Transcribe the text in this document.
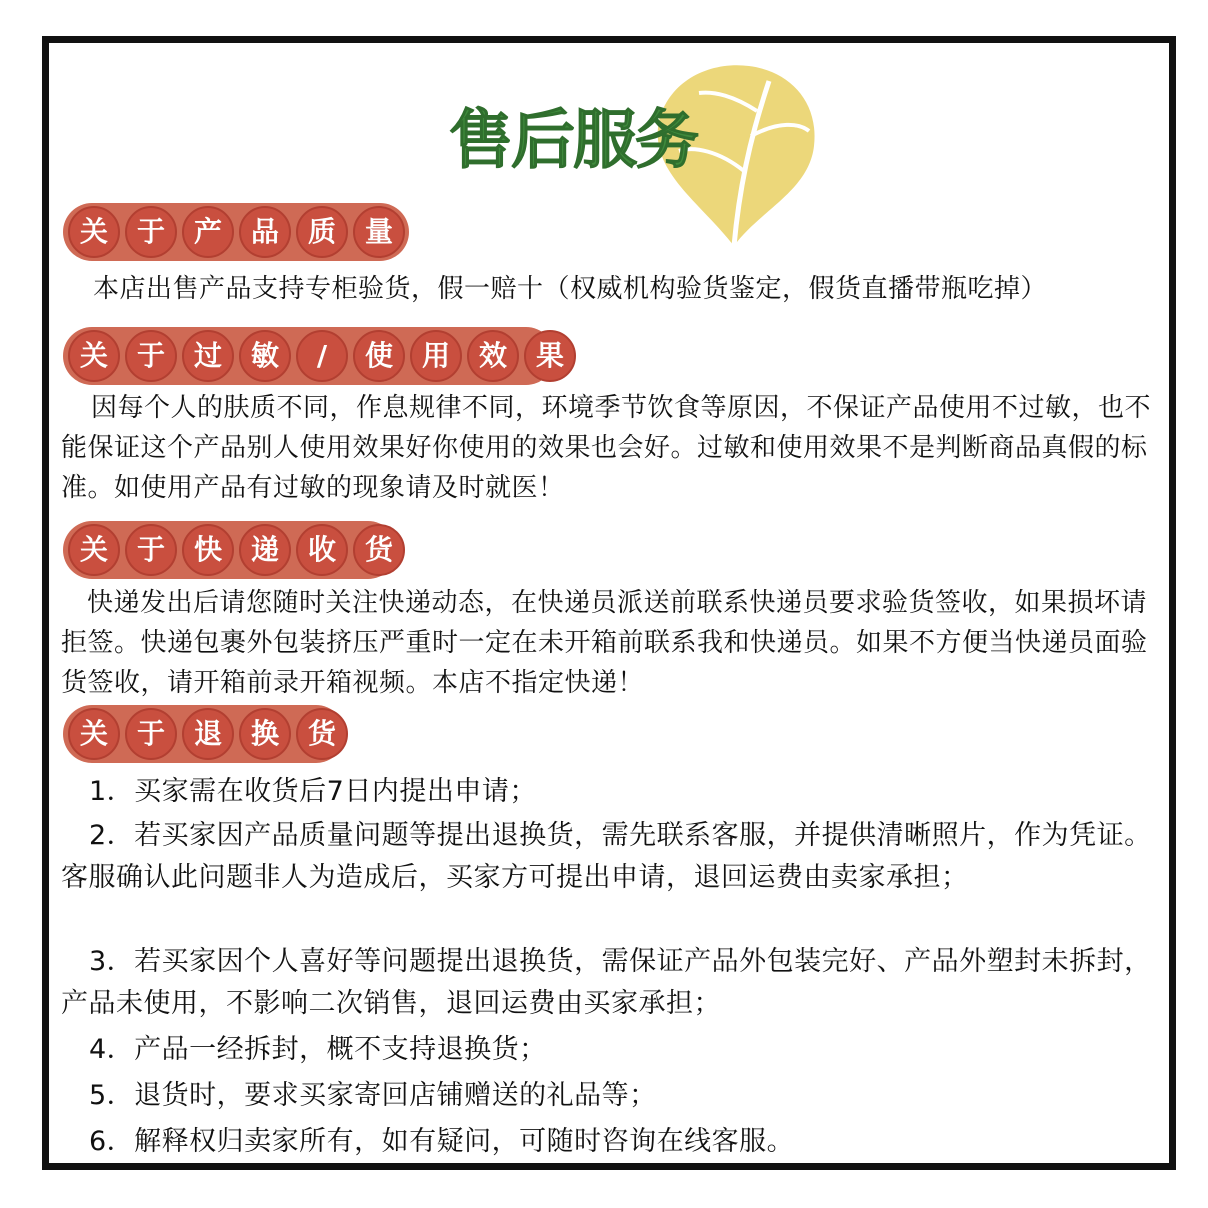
售后服务
关	于	产	品	质	量
本店出售产品支持专柜验货，假一赔十（权威机构验货鉴定，假货直播带瓶吃掉）
关	于	过	敏	/	使	用	效	果
因每个人的肤质不同，作息规律不同，环境季节饮食等原因，不保证产品使用不过敏，也不能保证这个产品别人使用效果好你使用的效果也会好。过敏和使用效果不是判断商品真假的标准。如使用产品有过敏的现象请及时就医！
关	于	快	递	收	货
快递发出后请您随时关注快递动态，在快递员派送前联系快递员要求验货签收，如果损坏请拒签。快递包裹外包装挤压严重时一定在未开箱前联系我和快递员。如果不方便当快递员面验货签收，请开箱前录开箱视频。本店不指定快递！
关	于	退	换	货
1．买家需在收货后7日内提出申请；
2．若买家因产品质量问题等提出退换货，需先联系客服，并提供清晰照片，作为凭证。客服确认此问题非人为造成后，买家方可提出申请，退回运费由卖家承担；
3．若买家因个人喜好等问题提出退换货，需保证产品外包装完好、产品外塑封未拆封，产品未使用，不影响二次销售，退回运费由买家承担；
4．产品一经拆封，概不支持退换货；
5．退货时，要求买家寄回店铺赠送的礼品等；
6．解释权归卖家所有，如有疑问，可随时咨询在线客服。
